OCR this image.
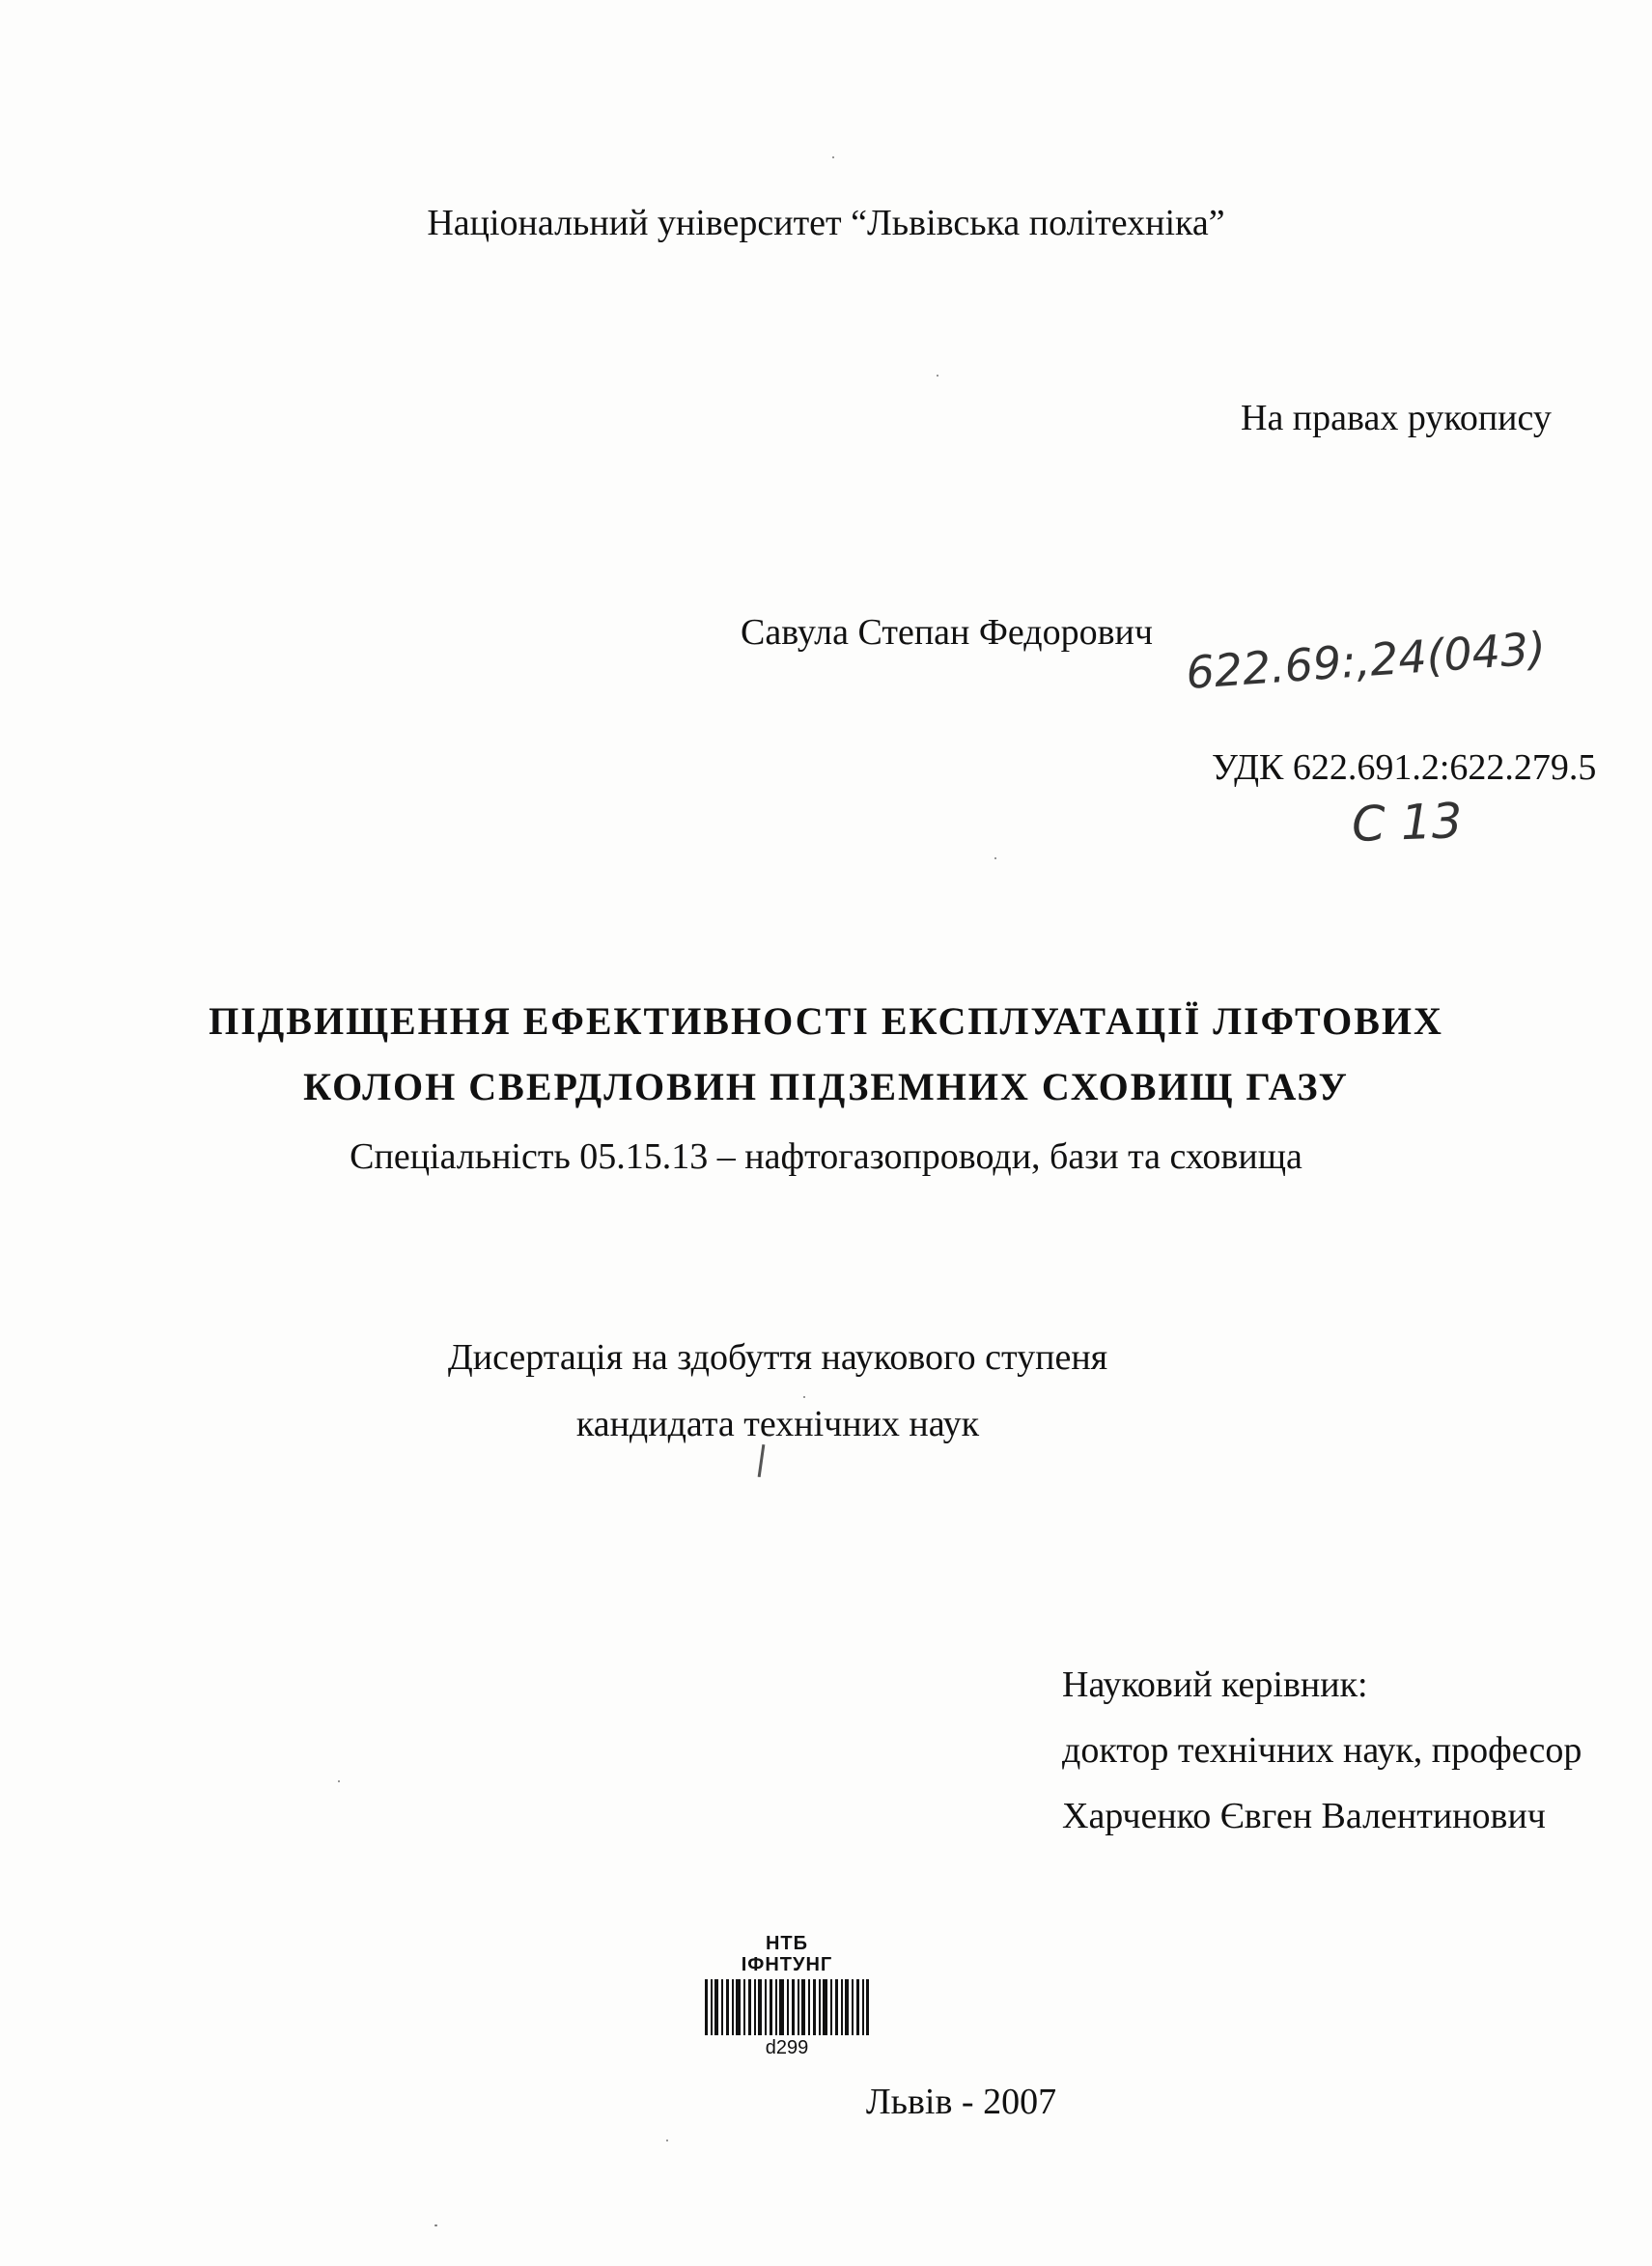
Національний університет “Львівська політехніка”
На правах рукопису
Савула Степан Федорович 622.69:,24(043)
УДК 622.691.2:622.279.5
С 13
ПІДВИЩЕННЯ ЕФЕКТИВНОСТІ ЕКСПЛУАТАЦІЇ ЛІФТОВИХ
КОЛОН СВЕРДЛОВИН ПІДЗЕМНИХ СХОВИЩ ГАЗУ
Спеціальність 05.15.13 – нафтогазопроводи, бази та сховища
Дисертація на здобуття наукового ступеня
кандидата технічних наук
Науковий керівник:
доктор технічних наук, професор
Харченко Євген Валентинович
НТБ
ІФНТУНГ
d299
Львів - 2007
